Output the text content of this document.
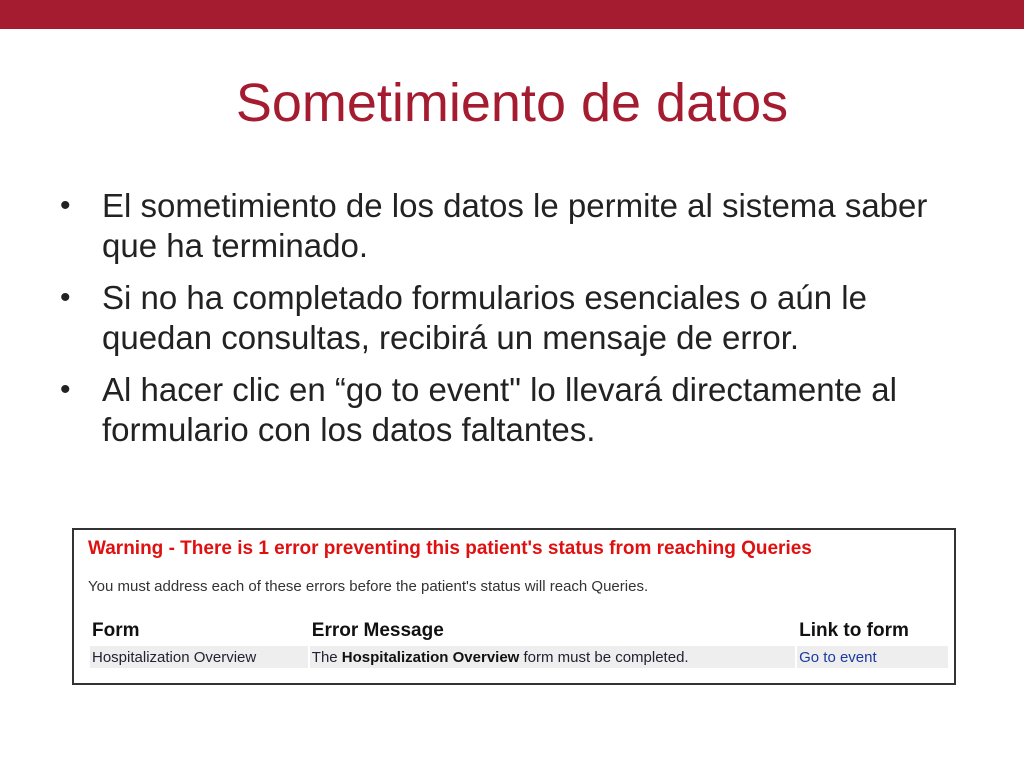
Sometimiento de datos
• El sometimiento de los datos le permite al sistema saber que ha terminado.
• Si no ha completado formularios esenciales o aún le quedan consultas, recibirá un mensaje de error.
• Al hacer clic en “go to event" lo llevará directamente al formulario con los datos faltantes.
Warning - There is 1 error preventing this patient's status from reaching Queries
You must address each of these errors before the patient's status will reach Queries.
Form	Error Message	Link to form
Hospitalization Overview	The Hospitalization Overview form must be completed.	Go to event
